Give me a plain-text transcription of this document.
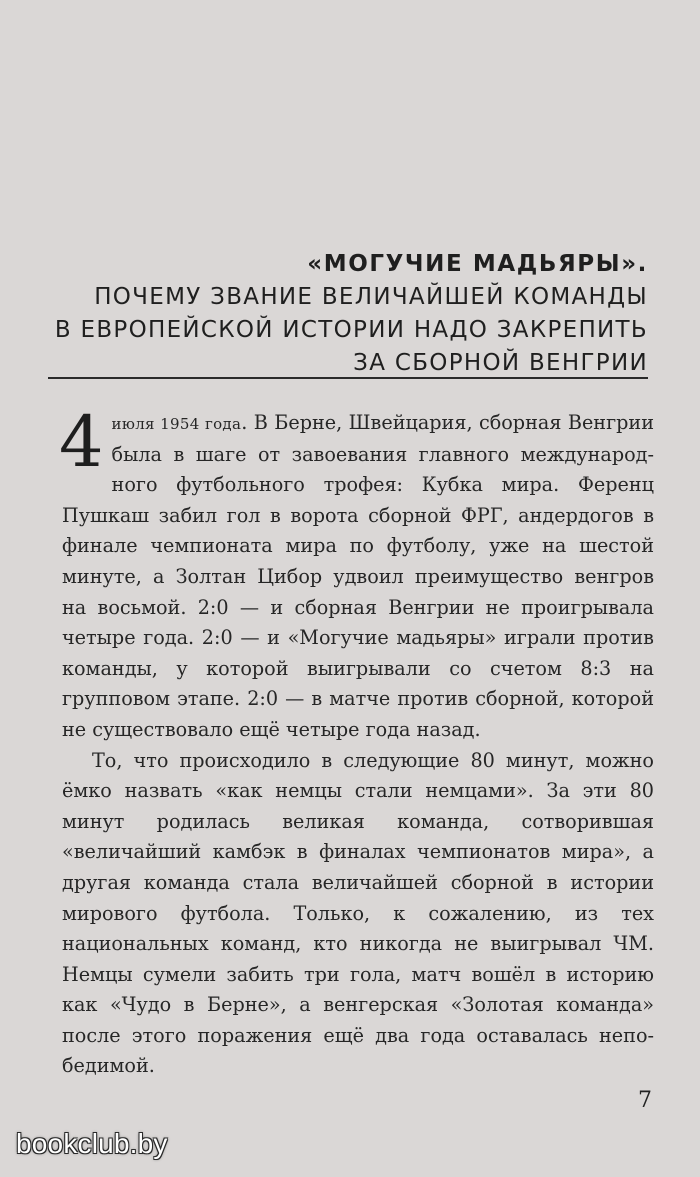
«МОГУЧИЕ МАДЬЯРЫ».
ПОЧЕМУ ЗВАНИЕ ВЕЛИЧАЙШЕЙ КОМАНДЫ
В ЕВРОПЕЙСКОЙ ИСТОРИИ НАДО ЗАКРЕПИТЬ
ЗА СБОРНОЙ ВЕНГРИИ

4 июля 1954 года. В Берне, Швейцария, сборная Венгрии была в шаге от завоевания главного международного футбольного трофея: Кубка мира. Ференц Пушкаш забил гол в ворота сборной ФРГ, андердогов в финале чемпионата мира по футболу, уже на шестой минуте, а Золтан Цибор удвоил преимущество венгров на восьмой. 2:0 — и сборная Венгрии не проигрывала четыре года. 2:0 — и «Могучие мадьяры» играли против команды, у которой выигрывали со счетом 8:3 на групповом этапе. 2:0 — в матче против сборной, которой не существовало ещё четыре года назад.

То, что происходило в следующие 80 минут, можно ёмко назвать «как немцы стали немцами». За эти 80 минут родилась великая команда, сотворившая «величайший камбэк в финалах чемпионатов мира», а другая команда стала величайшей сборной в истории мирового футбола. Только, к сожалению, из тех национальных команд, кто никогда не выигрывал ЧМ. Немцы сумели забить три гола, матч вошёл в историю как «Чудо в Берне», а венгерская «Золотая команда» после этого поражения ещё два года оставалась непобедимой.

7
bookclub.by
